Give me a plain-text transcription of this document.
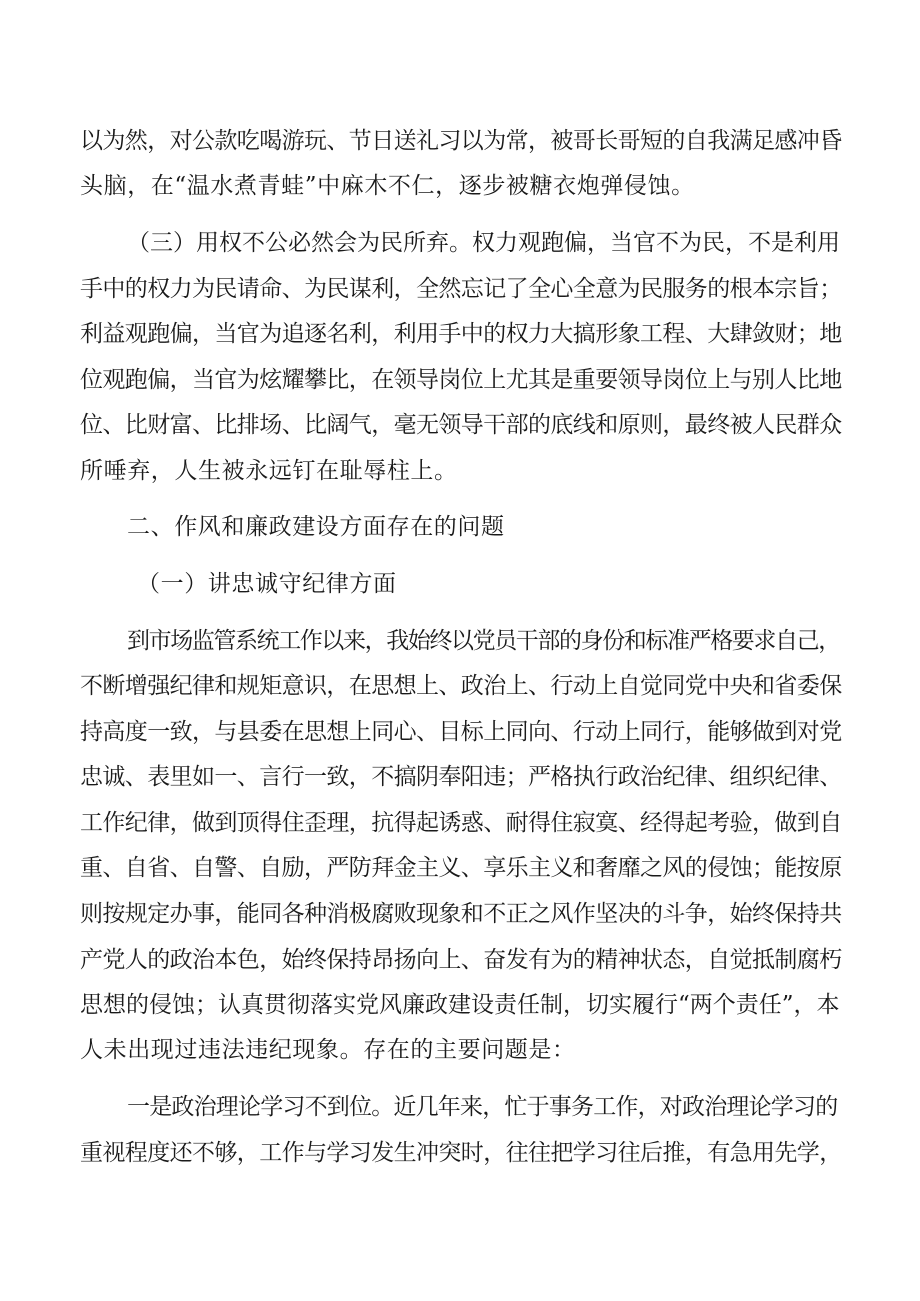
以为然，对公款吃喝游玩、节日送礼习以为常，被哥长哥短的自我满足感冲昏
头脑，在“温水煮青蛙”中麻木不仁，逐步被糖衣炮弹侵蚀。
（三）用权不公必然会为民所弃。权力观跑偏，当官不为民，不是利用
手中的权力为民请命、为民谋利，全然忘记了全心全意为民服务的根本宗旨；
利益观跑偏，当官为追逐名利，利用手中的权力大搞形象工程、大肆敛财；地
位观跑偏，当官为炫耀攀比，在领导岗位上尤其是重要领导岗位上与别人比地
位、比财富、比排场、比阔气，毫无领导干部的底线和原则，最终被人民群众
所唾弃，人生被永远钉在耻辱柱上。
二、作风和廉政建设方面存在的问题
（一）讲忠诚守纪律方面
到市场监管系统工作以来，我始终以党员干部的身份和标准严格要求自己，
不断增强纪律和规矩意识，在思想上、政治上、行动上自觉同党中央和省委保
持高度一致，与县委在思想上同心、目标上同向、行动上同行，能够做到对党
忠诚、表里如一、言行一致，不搞阴奉阳违；严格执行政治纪律、组织纪律、
工作纪律，做到顶得住歪理，抗得起诱惑、耐得住寂寞、经得起考验，做到自
重、自省、自警、自励，严防拜金主义、享乐主义和奢靡之风的侵蚀；能按原
则按规定办事，能同各种消极腐败现象和不正之风作坚决的斗争，始终保持共
产党人的政治本色，始终保持昂扬向上、奋发有为的精神状态，自觉抵制腐朽
思想的侵蚀；认真贯彻落实党风廉政建设责任制，切实履行“两个责任”，本
人未出现过违法违纪现象。存在的主要问题是：
一是政治理论学习不到位。近几年来，忙于事务工作，对政治理论学习的
重视程度还不够，工作与学习发生冲突时，往往把学习往后推，有急用先学，
